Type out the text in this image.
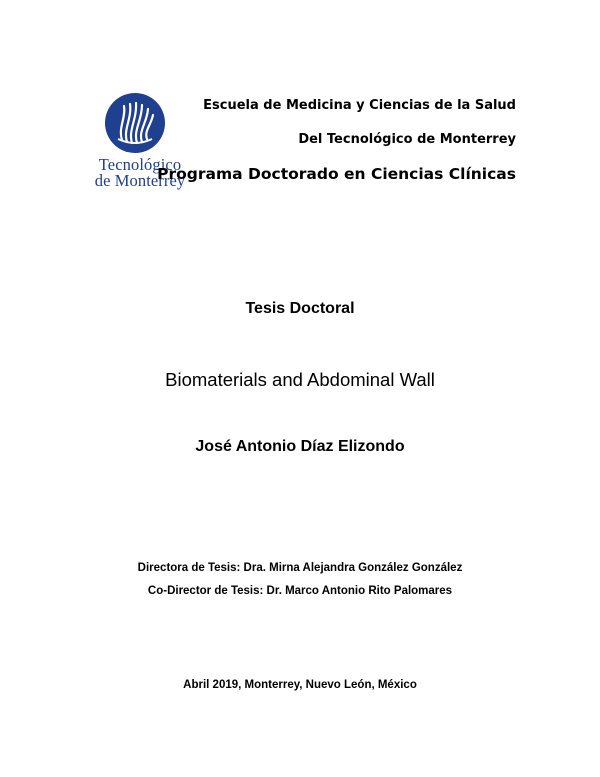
Tecnológico
de Monterrey
Escuela de Medicina y Ciencias de la Salud
Del Tecnológico de Monterrey
Programa Doctorado en Ciencias Clínicas
Tesis Doctoral
Biomaterials and Abdominal Wall
José Antonio Díaz Elizondo
Directora de Tesis: Dra. Mirna Alejandra González González
Co-Director de Tesis: Dr. Marco Antonio Rito Palomares
Abril 2019, Monterrey, Nuevo León, México
